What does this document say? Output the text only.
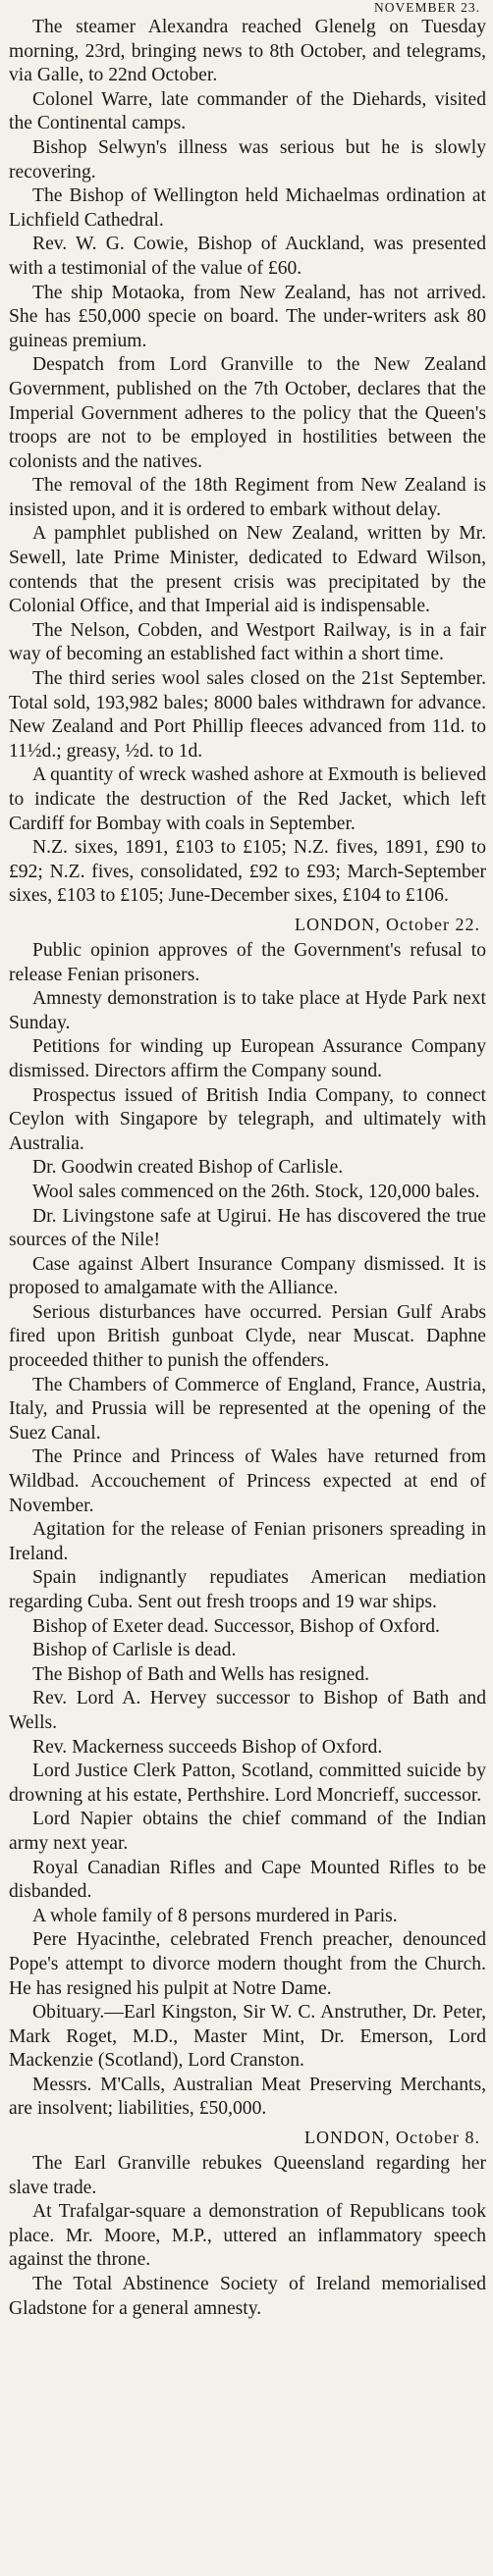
NOVEMBER 23.

The steamer Alexandra reached Glenelg on Tuesday morning, 23rd, bringing news to 8th October, and telegrams, via Galle, to 22nd October.

Colonel Warre, late commander of the Diehards, visited the Continental camps.

Bishop Selwyn's illness was serious but he is slowly recovering.

The Bishop of Wellington held Michaelmas ordination at Lichfield Cathedral.

Rev. W. G. Cowie, Bishop of Auckland, was presented with a testimonial of the value of £60.

The ship Motaoka, from New Zealand, has not arrived. She has £50,000 specie on board. The under-writers ask 80 guineas premium.

Despatch from Lord Granville to the New Zealand Government, published on the 7th October, declares that the Imperial Government adheres to the policy that the Queen's troops are not to be employed in hostilities between the colonists and the natives.

The removal of the 18th Regiment from New Zealand is insisted upon, and it is ordered to embark without delay.

A pamphlet published on New Zealand, written by Mr. Sewell, late Prime Minister, dedicated to Edward Wilson, contends that the present crisis was precipitated by the Colonial Office, and that Imperial aid is indispensable.

The Nelson, Cobden, and Westport Railway, is in a fair way of becoming an established fact within a short time.

The third series wool sales closed on the 21st September. Total sold, 193,982 bales; 8000 bales withdrawn for advance. New Zealand and Port Phillip fleeces advanced from 11d. to 11½d.; greasy, ½d. to 1d.

A quantity of wreck washed ashore at Exmouth is believed to indicate the destruction of the Red Jacket, which left Cardiff for Bombay with coals in September.

N.Z. sixes, 1891, £103 to £105; N.Z. fives, 1891, £90 to £92; N.Z. fives, consolidated, £92 to £93; March-September sixes, £103 to £105; June-December sixes, £104 to £106.

LONDON, October 22.

Public opinion approves of the Government's refusal to release Fenian prisoners.

Amnesty demonstration is to take place at Hyde Park next Sunday.

Petitions for winding up European Assurance Company dismissed. Directors affirm the Company sound.

Prospectus issued of British India Company, to connect Ceylon with Singapore by telegraph, and ultimately with Australia.

Dr. Goodwin created Bishop of Carlisle.

Wool sales commenced on the 26th. Stock, 120,000 bales.

Dr. Livingstone safe at Ugirui. He has discovered the true sources of the Nile!

Case against Albert Insurance Company dismissed. It is proposed to amalgamate with the Alliance.

Serious disturbances have occurred. Persian Gulf Arabs fired upon British gunboat Clyde, near Muscat. Daphne proceeded thither to punish the offenders.

The Chambers of Commerce of England, France, Austria, Italy, and Prussia will be represented at the opening of the Suez Canal.

The Prince and Princess of Wales have returned from Wildbad. Accouchement of Princess expected at end of November.

Agitation for the release of Fenian prisoners spreading in Ireland.

Spain indignantly repudiates American mediation regarding Cuba. Sent out fresh troops and 19 war ships.

Bishop of Exeter dead. Successor, Bishop of Oxford.

Bishop of Carlisle is dead.

The Bishop of Bath and Wells has resigned.

Rev. Lord A. Hervey successor to Bishop of Bath and Wells.

Rev. Mackerness succeeds Bishop of Oxford.

Lord Justice Clerk Patton, Scotland, committed suicide by drowning at his estate, Perthshire. Lord Moncrieff, successor.

Lord Napier obtains the chief command of the Indian army next year.

Royal Canadian Rifles and Cape Mounted Rifles to be disbanded.

A whole family of 8 persons murdered in Paris.

Pere Hyacinthe, celebrated French preacher, denounced Pope's attempt to divorce modern thought from the Church. He has resigned his pulpit at Notre Dame.

Obituary.—Earl Kingston, Sir W. C. Anstruther, Dr. Peter, Mark Roget, M.D., Master Mint, Dr. Emerson, Lord Mackenzie (Scotland), Lord Cranston.

Messrs. M'Calls, Australian Meat Preserving Merchants, are insolvent; liabilities, £50,000.

LONDON, October 8.

The Earl Granville rebukes Queensland regarding her slave trade.

At Trafalgar-square a demonstration of Republicans took place. Mr. Moore, M.P., uttered an inflammatory speech against the throne.

The Total Abstinence Society of Ireland memorialised Gladstone for a general amnesty.
